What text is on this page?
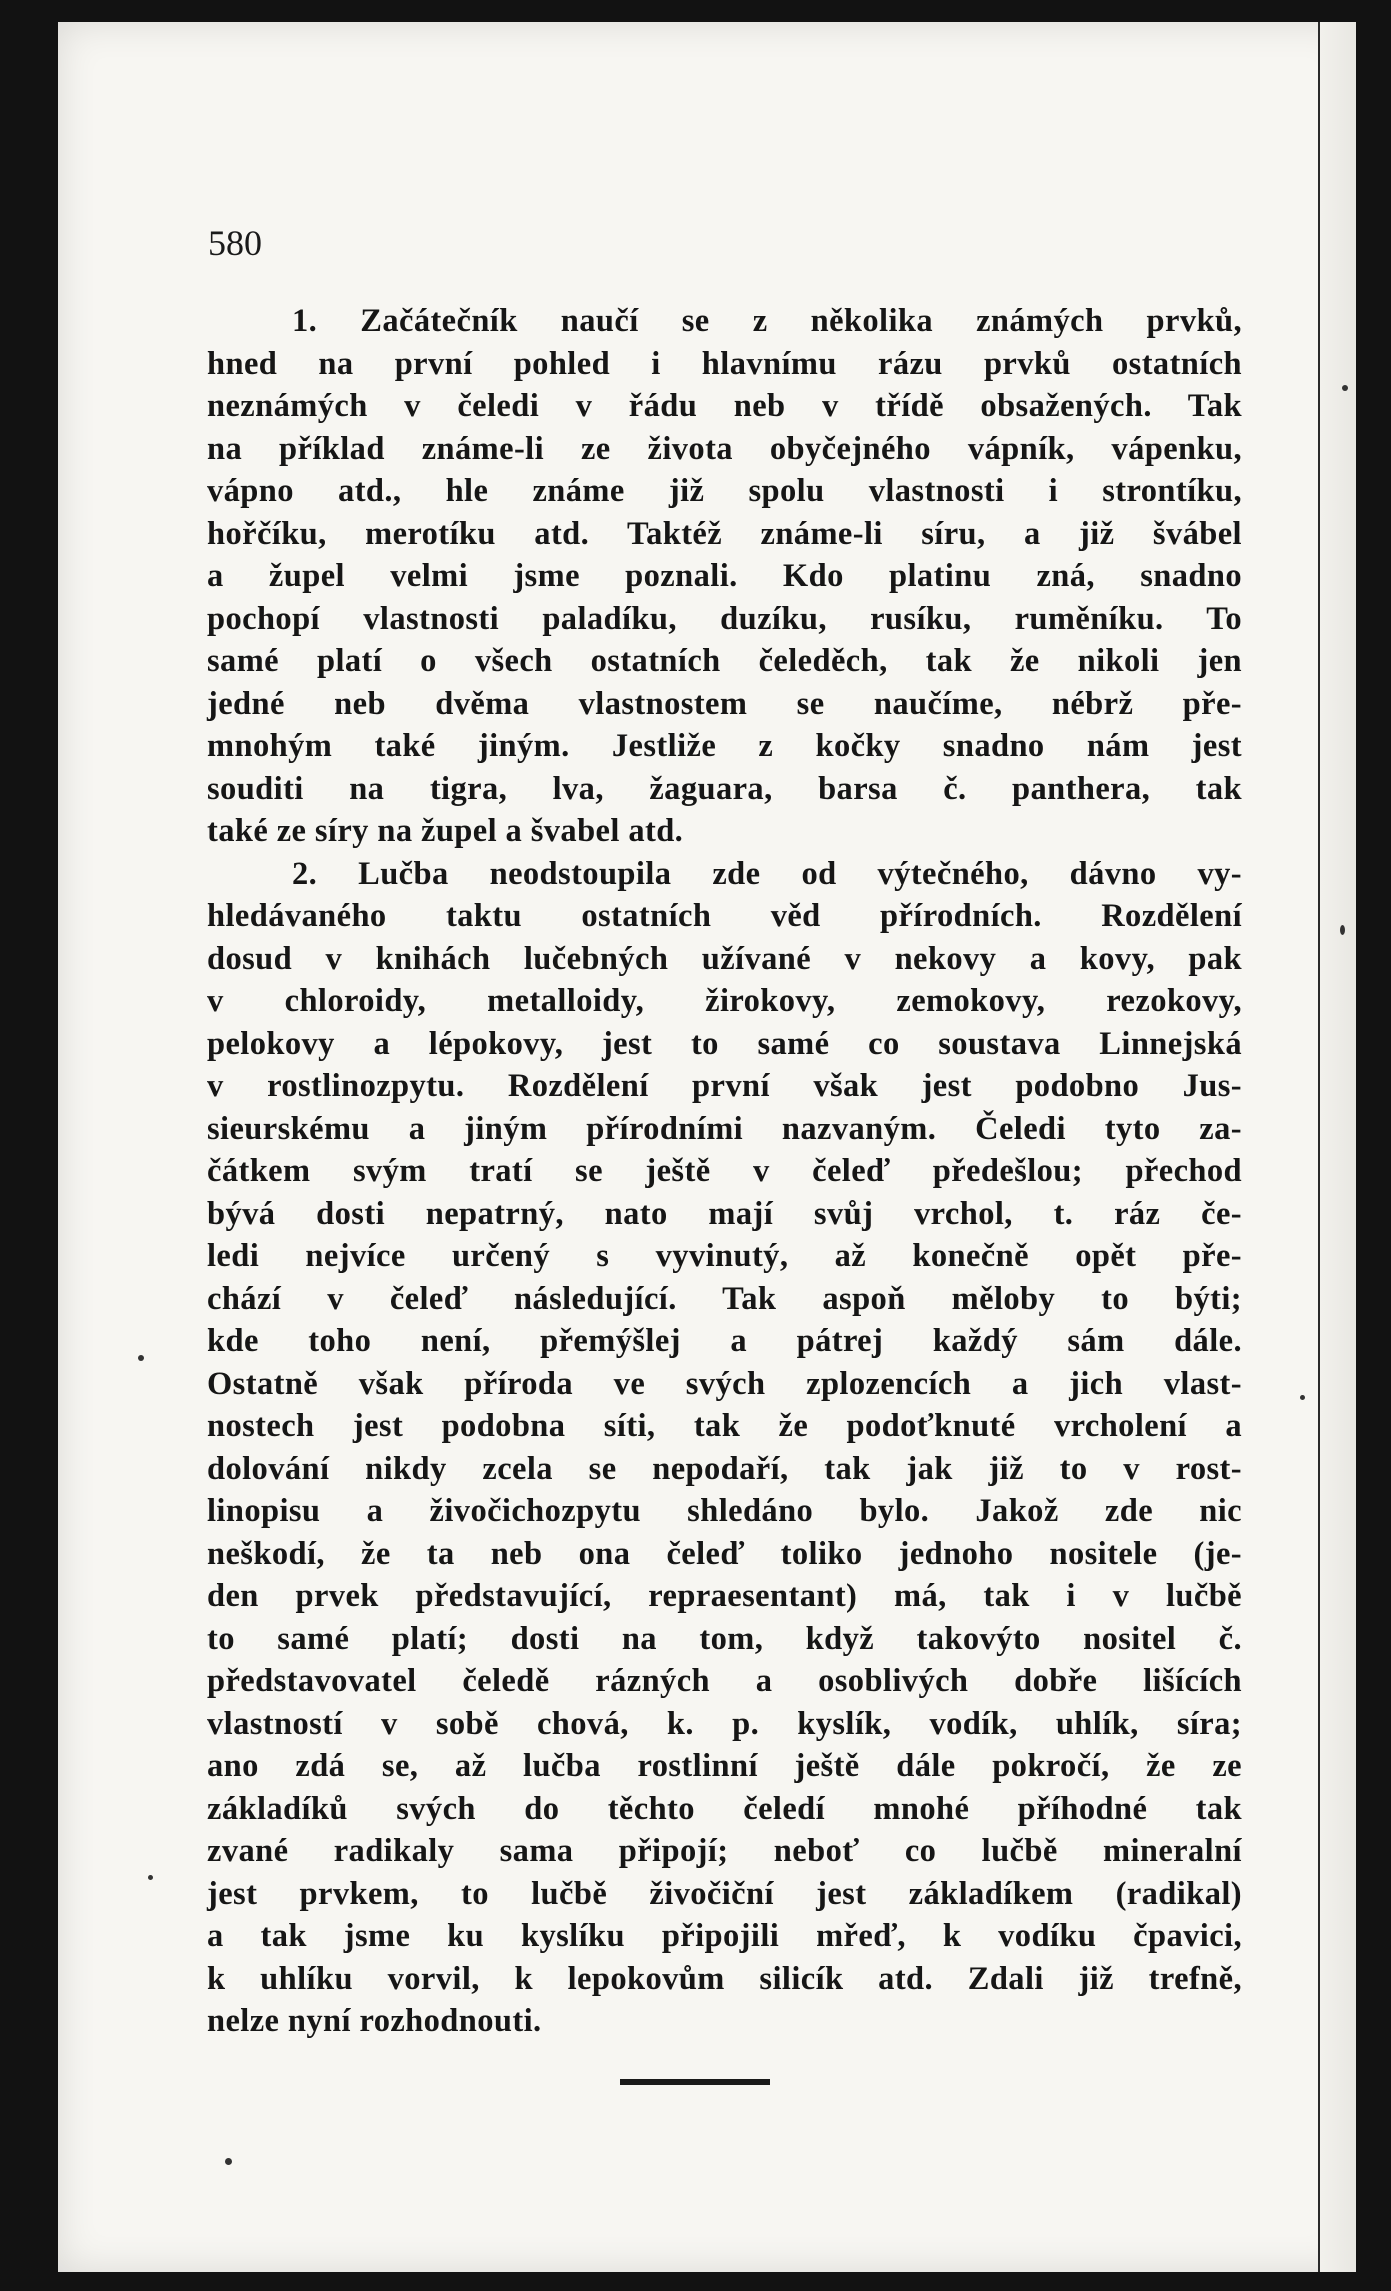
580
1. Začátečník naučí se z několika známých prvků,
hned na první pohled i hlavnímu rázu prvků ostatních
neznámých v čeledi v řádu neb v třídě obsažených. Tak
na příklad známe-li ze života obyčejného vápník, vápenku,
vápno atd., hle známe již spolu vlastnosti i strontíku,
hořčíku, merotíku atd. Taktéž známe-li síru, a již švábel
a župel velmi jsme poznali. Kdo platinu zná, snadno
pochopí vlastnosti paladíku, duzíku, rusíku, ruměníku. To
samé platí o všech ostatních čeleděch, tak že nikoli jen
jedné neb dvěma vlastnostem se naučíme, nébrž pře-
mnohým také jiným. Jestliže z kočky snadno nám jest
souditi na tigra, lva, žaguara, barsa č. panthera, tak
také ze síry na župel a švabel atd.
2. Lučba neodstoupila zde od výtečného, dávno vy-
hledávaného taktu ostatních věd přírodních. Rozdělení
dosud v knihách lučebných užívané v nekovy a kovy, pak
v chloroidy, metalloidy, žirokovy, zemokovy, rezokovy,
pelokovy a lépokovy, jest to samé co soustava Linnejská
v rostlinozpytu. Rozdělení první však jest podobno Jus-
sieurskému a jiným přírodními nazvaným. Čeledi tyto za-
čátkem svým tratí se ještě v čeleď předešlou; přechod
bývá dosti nepatrný, nato mají svůj vrchol, t. ráz če-
ledi nejvíce určený s vyvinutý, až konečně opět pře-
chází v čeleď následující. Tak aspoň měloby to býti;
kde toho není, přemýšlej a pátrej každý sám dále.
Ostatně však příroda ve svých zplozencích a jich vlast-
nostech jest podobna síti, tak že podoťknuté vrcholení a
dolování nikdy zcela se nepodaří, tak jak již to v rost-
linopisu a živočichozpytu shledáno bylo. Jakož zde nic
neškodí, že ta neb ona čeleď toliko jednoho nositele (je-
den prvek představující, repraesentant) má, tak i v lučbě
to samé platí; dosti na tom, když takovýto nositel č.
představovatel čeledě rázných a osoblivých dobře lišících
vlastností v sobě chová, k. p. kyslík, vodík, uhlík, síra;
ano zdá se, až lučba rostlinní ještě dále pokročí, že ze
základíků svých do těchto čeledí mnohé příhodné tak
zvané radikaly sama připojí; neboť co lučbě mineralní
jest prvkem, to lučbě živočiční jest základíkem (radikal)
a tak jsme ku kyslíku připojili mřeď, k vodíku čpavici,
k uhlíku vorvil, k lepokovům silicík atd. Zdali již trefně,
nelze nyní rozhodnouti.
